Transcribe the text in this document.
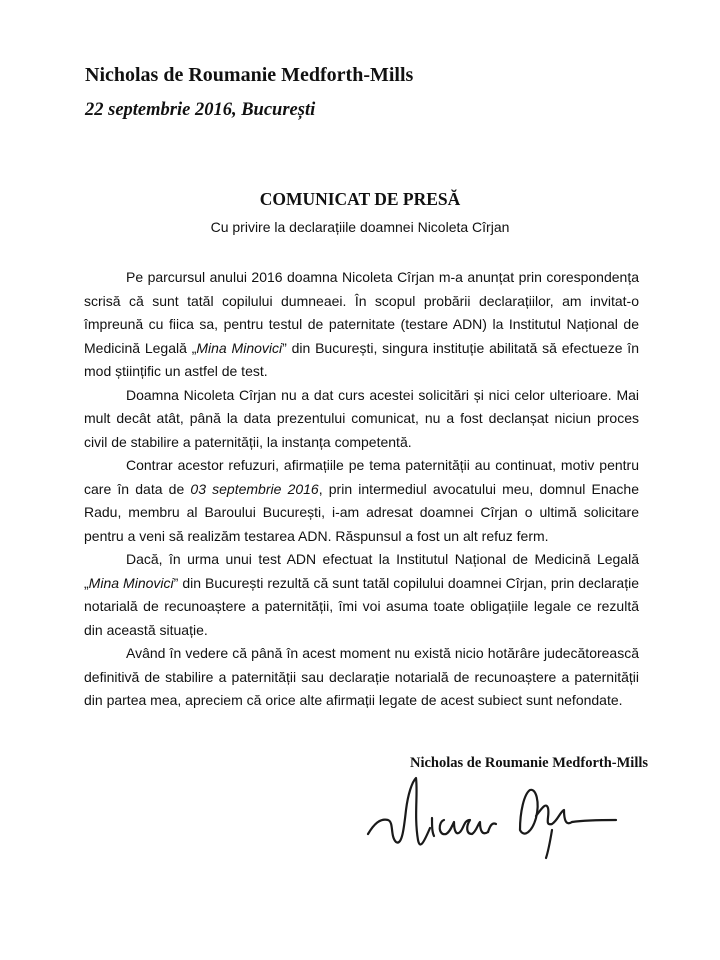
Nicholas de Roumanie Medforth-Mills
22 septembrie 2016, București
COMUNICAT DE PRESĂ
Cu privire la declarațiile doamnei Nicoleta Cîrjan

Pe parcursul anului 2016 doamna Nicoleta Cîrjan m-a anunțat prin corespondența scrisă că sunt tatăl copilului dumneaei. În scopul probării declarațiilor, am invitat-o împreună cu fiica sa, pentru testul de paternitate (testare ADN) la Institutul Național de Medicină Legală „Mina Minovici” din București, singura instituție abilitată să efectueze în mod științific un astfel de test.

Doamna Nicoleta Cîrjan nu a dat curs acestei solicitări și nici celor ulterioare. Mai mult decât atât, până la data prezentului comunicat, nu a fost declanșat niciun proces civil de stabilire a paternității, la instanța competentă.

Contrar acestor refuzuri, afirmațiile pe tema paternității au continuat, motiv pentru care în data de 03 septembrie 2016, prin intermediul avocatului meu, domnul Enache Radu, membru al Baroului București, i-am adresat doamnei Cîrjan o ultimă solicitare pentru a veni să realizăm testarea ADN. Răspunsul a fost un alt refuz ferm.

Dacă, în urma unui test ADN efectuat la Institutul Național de Medicină Legală „Mina Minovici” din București rezultă că sunt tatăl copilului doamnei Cîrjan, prin declarație notarială de recunoaștere a paternității, îmi voi asuma toate obligațiile legale ce rezultă din această situație.

Având în vedere că până în acest moment nu există nicio hotărâre judecătorească definitivă de stabilire a paternității sau declarație notarială de recunoaștere a paternității din partea mea, apreciem că orice alte afirmații legate de acest subiect sunt nefondate.

Nicholas de Roumanie Medforth-Mills
